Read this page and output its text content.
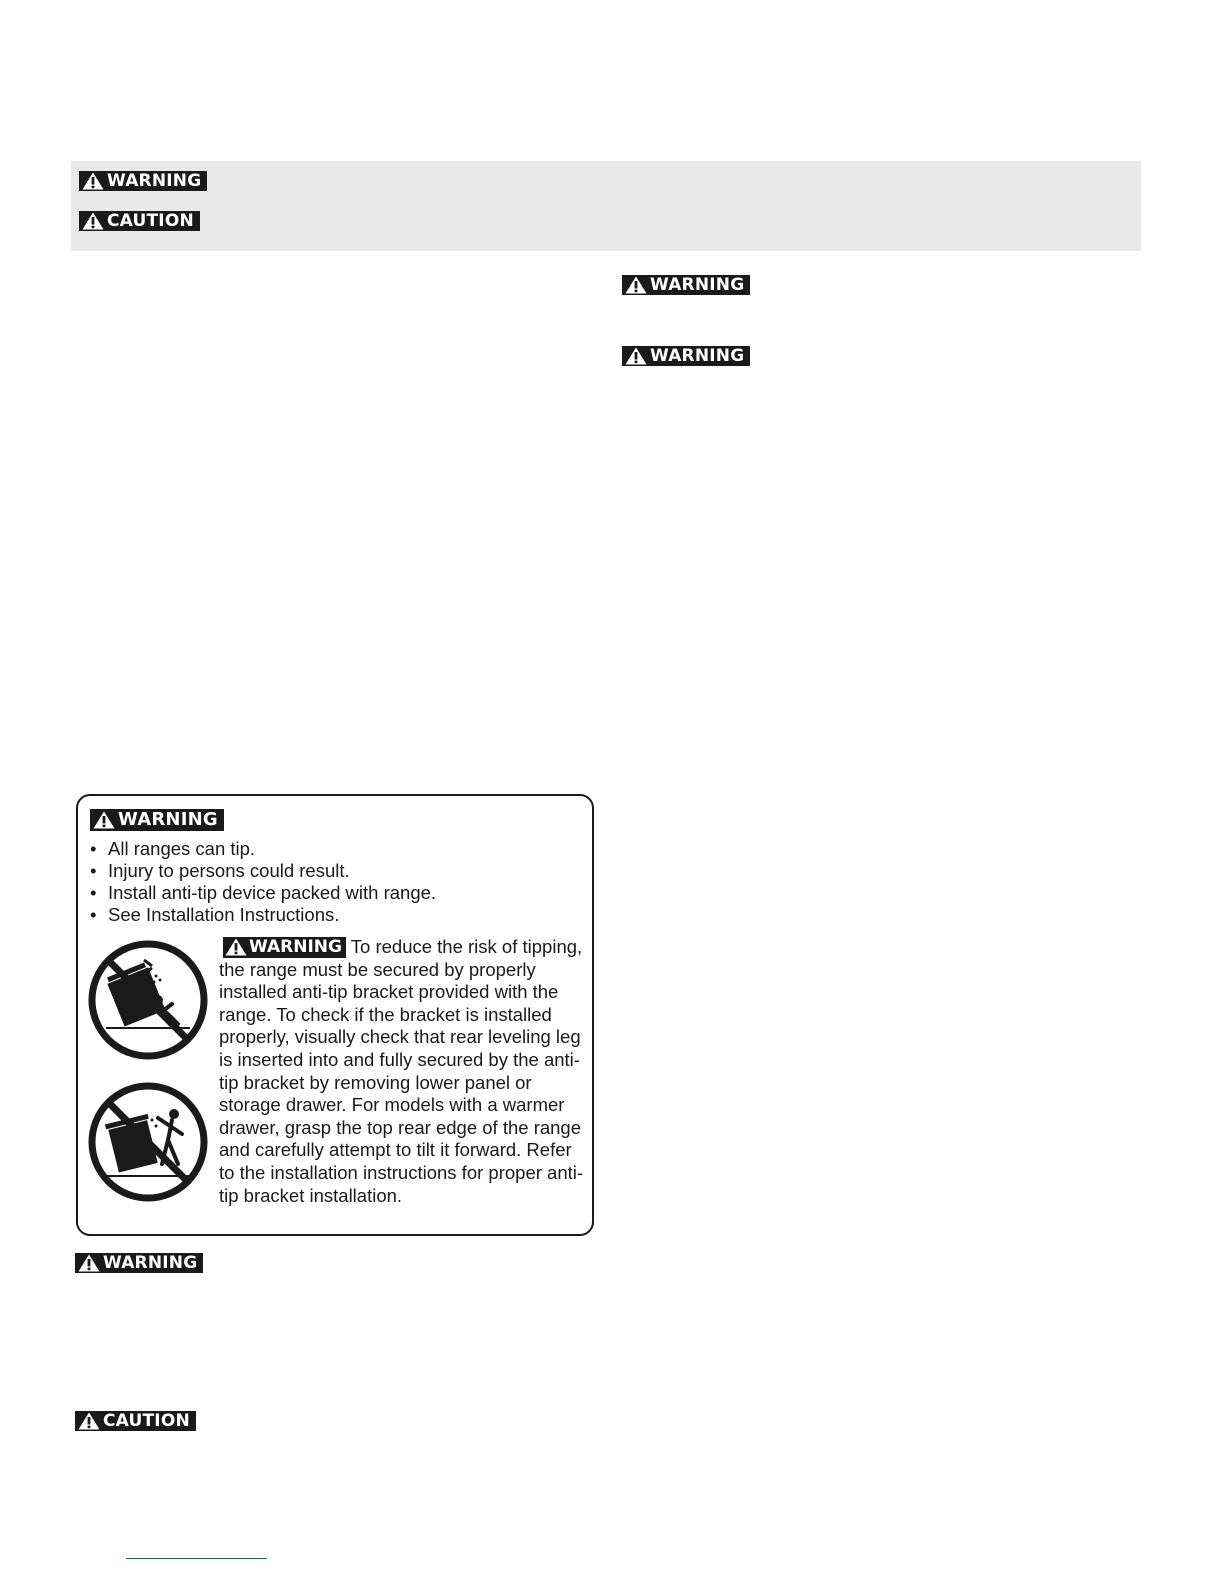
WARNING
CAUTION
WARNING
WARNING
WARNING
• All ranges can tip.
• Injury to persons could result.
• Install anti-tip device packed with range.
• See Installation Instructions.

WARNING To reduce the risk of tipping, the range must be secured by properly installed anti-tip bracket provided with the range. To check if the bracket is installed properly, visually check that rear leveling leg is inserted into and fully secured by the anti-tip bracket by removing lower panel or storage drawer. For models with a warmer drawer, grasp the top rear edge of the range and carefully attempt to tilt it forward. Refer to the installation instructions for proper anti-tip bracket installation.

WARNING
CAUTION
